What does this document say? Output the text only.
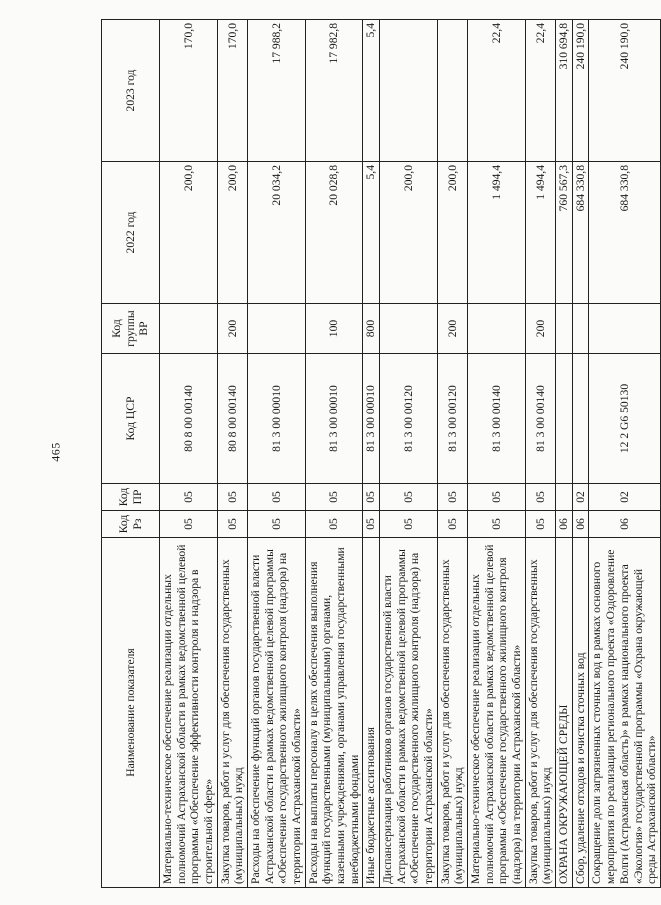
465
Наименование показателя	Код Рз	Код ПР	Код ЦСР	Код группы ВР	2022 год	2023 год
Материально-техническое обеспечение реализации отдельных полномочий Астраханской области в рамках ведомственной целевой программы «Обеспечение эффективности контроля и надзора в строительной сфере»	05	05	80 8 00 00140		200,0	170,0
Закупка товаров, работ и услуг для обеспечения государственных (муниципальных) нужд	05	05	80 8 00 00140	200	200,0	170,0
Расходы на обеспечение функций органов государственной власти Астраханской области в рамках ведомственной целевой программы «Обеспечение государственного жилищного контроля (надзора) на территории Астраханской области»	05	05	81 3 00 00010		20 034,2	17 988,2
Расходы на выплаты персоналу в целях обеспечения выполнения функций государственными (муниципальными) органами, казенными учреждениями, органами управления государственными внебюджетными фондами	05	05	81 3 00 00010	100	20 028,8	17 982,8
Иные бюджетные ассигнования	05	05	81 3 00 00010	800	5,4	5,4
Диспансеризация работников органов государственной власти Астраханской области в рамках ведомственной целевой программы «Обеспечение государственного жилищного контроля (надзора) на территории Астраханской области»	05	05	81 3 00 00120		200,0	
Закупка товаров, работ и услуг для обеспечения государственных (муниципальных) нужд	05	05	81 3 00 00120	200	200,0	
Материально-техническое обеспечение реализации отдельных полномочий Астраханской области в рамках ведомственной целевой программы «Обеспечение государственного жилищного контроля (надзора) на территории Астраханской области»	05	05	81 3 00 00140		1 494,4	22,4
Закупка товаров, работ и услуг для обеспечения государственных (муниципальных) нужд	05	05	81 3 00 00140	200	1 494,4	22,4
ОХРАНА ОКРУЖАЮЩЕЙ СРЕДЫ	06				760 567,3	310 694,8
Сбор, удаление отходов и очистка сточных вод	06	02			684 330,8	240 190,0
Сокращение доли загрязненных сточных вод в рамках основного мероприятия по реализации регионального проекта «Оздоровление Волги (Астраханская область)» в рамках национального проекта «Экология» государственной программы «Охрана окружающей среды Астраханской области»	06	02	12 2 G6 50130		684 330,8	240 190,0
